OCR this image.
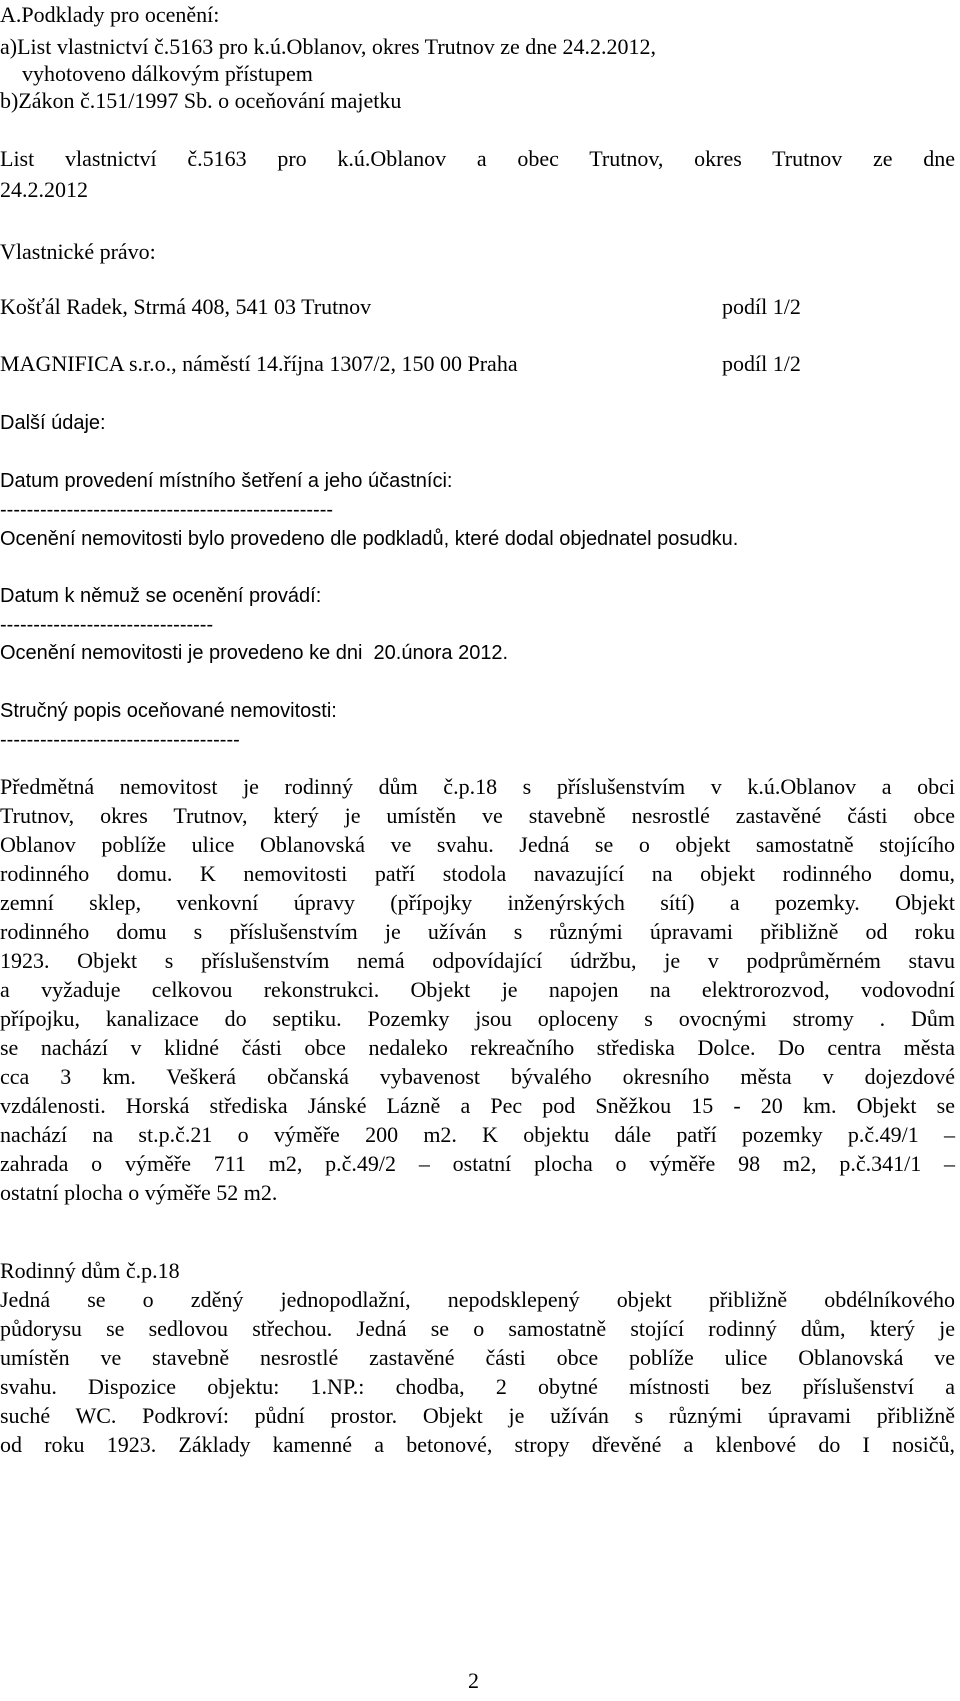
A.Podklady pro ocenění:
a)List vlastnictví č.5163 pro k.ú.Oblanov, okres Trutnov ze dne 24.2.2012,
vyhotoveno dálkovým přístupem
b)Zákon č.151/1997 Sb. o oceňování majetku
List vlastnictví č.5163 pro k.ú.Oblanov a obec Trutnov, okres Trutnov ze dne
24.2.2012
Vlastnické právo:
Košťál Radek, Strmá 408, 541 03 Trutnov	podíl 1/2
MAGNIFICA s.r.o., náměstí 14.října 1307/2, 150 00 Praha	podíl 1/2
Další údaje:
Datum provedení místního šetření a jeho účastníci:
--------------------------------------------------
Ocenění nemovitosti bylo provedeno dle podkladů, které dodal objednatel posudku.
Datum k němuž se ocenění provádí:
--------------------------------
Ocenění nemovitosti je provedeno ke dni  20.února 2012.
Stručný popis oceňované nemovitosti:
------------------------------------
Předmětná nemovitost je rodinný dům č.p.18 s příslušenstvím v k.ú.Oblanov a obci
Trutnov, okres Trutnov, který je umístěn ve stavebně nesrostlé zastavěné části obce
Oblanov poblíže ulice Oblanovská ve svahu. Jedná se o objekt samostatně stojícího
rodinného domu. K nemovitosti patří stodola navazující na objekt rodinného domu,
zemní sklep, venkovní úpravy (přípojky inženýrských sítí) a pozemky. Objekt
rodinného domu s příslušenstvím je užíván s různými úpravami přibližně od roku
1923. Objekt s příslušenstvím nemá odpovídající údržbu, je v podprůměrném stavu
a vyžaduje celkovou rekonstrukci. Objekt je napojen na elektrorozvod, vodovodní
přípojku, kanalizace do septiku. Pozemky jsou oploceny s ovocnými stromy . Dům
se nachází v klidné části obce nedaleko rekreačního střediska Dolce. Do centra města
cca 3 km. Veškerá občanská vybavenost bývalého okresního města v dojezdové
vzdálenosti. Horská střediska Jánské Lázně a Pec pod Sněžkou 15 - 20 km. Objekt se
nachází na st.p.č.21 o výměře 200 m2. K objektu dále patří pozemky p.č.49/1 –
zahrada o výměře 711 m2, p.č.49/2 – ostatní plocha o výměře 98 m2, p.č.341/1 –
ostatní plocha o výměře 52 m2.
Rodinný dům č.p.18
Jedná se o zděný jednopodlažní, nepodsklepený objekt přibližně obdélníkového
půdorysu se sedlovou střechou. Jedná se o samostatně stojící rodinný dům, který je
umístěn ve stavebně nesrostlé zastavěné části obce poblíže ulice Oblanovská ve
svahu. Dispozice objektu: 1.NP.: chodba, 2 obytné místnosti bez příslušenství a
suché WC. Podkroví: půdní prostor. Objekt je užíván s různými úpravami přibližně
od roku 1923. Základy kamenné a betonové, stropy dřevěné a klenbové do I nosičů,
2
